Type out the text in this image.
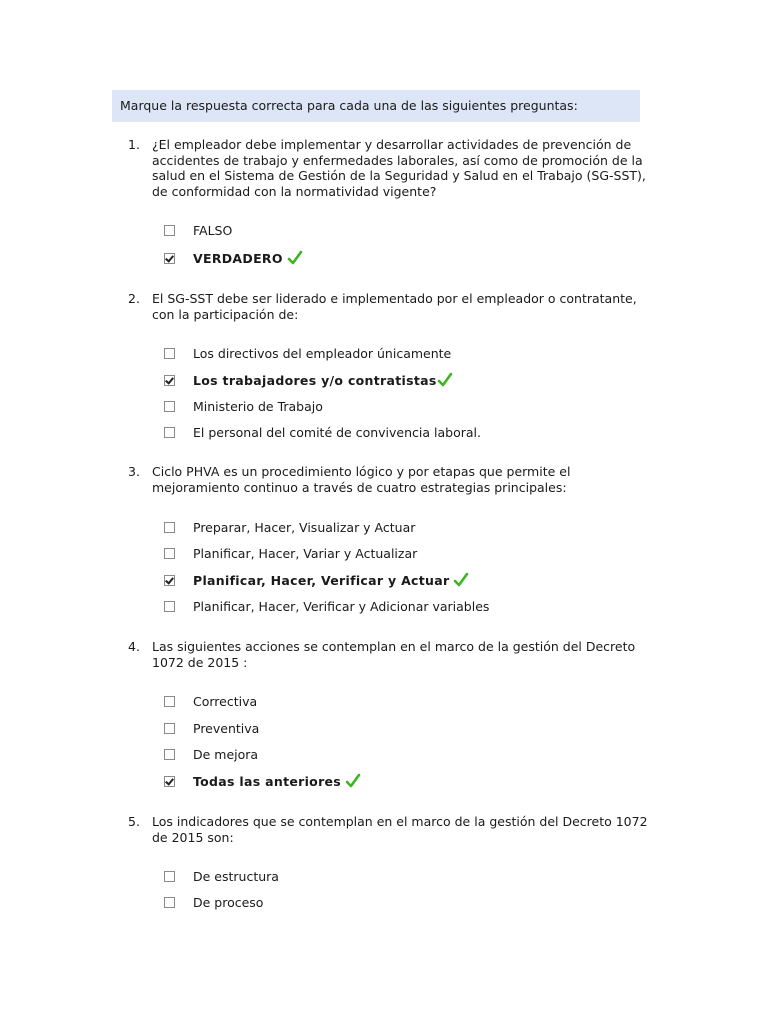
Marque la respuesta correcta para cada una de las siguientes preguntas:
1. ¿El empleador debe implementar y desarrollar actividades de prevención de
accidentes de trabajo y enfermedades laborales, así como de promoción de la
salud en el Sistema de Gestión de la Seguridad y Salud en el Trabajo (SG-SST),
de conformidad con la normatividad vigente?
FALSO
VERDADERO
2. El SG-SST debe ser liderado e implementado por el empleador o contratante,
con la participación de:
Los directivos del empleador únicamente
Los trabajadores y/o contratistas
Ministerio de Trabajo
El personal del comité de convivencia laboral.
3. Ciclo PHVA es un procedimiento lógico y por etapas que permite el
mejoramiento continuo a través de cuatro estrategias principales:
Preparar, Hacer, Visualizar y Actuar
Planificar, Hacer, Variar y Actualizar
Planificar, Hacer, Verificar y Actuar
Planificar, Hacer, Verificar y Adicionar variables
4. Las siguientes acciones se contemplan en el marco de la gestión del Decreto
1072 de 2015 :
Correctiva
Preventiva
De mejora
Todas las anteriores
5. Los indicadores que se contemplan en el marco de la gestión del Decreto 1072
de 2015 son:
De estructura
De proceso
